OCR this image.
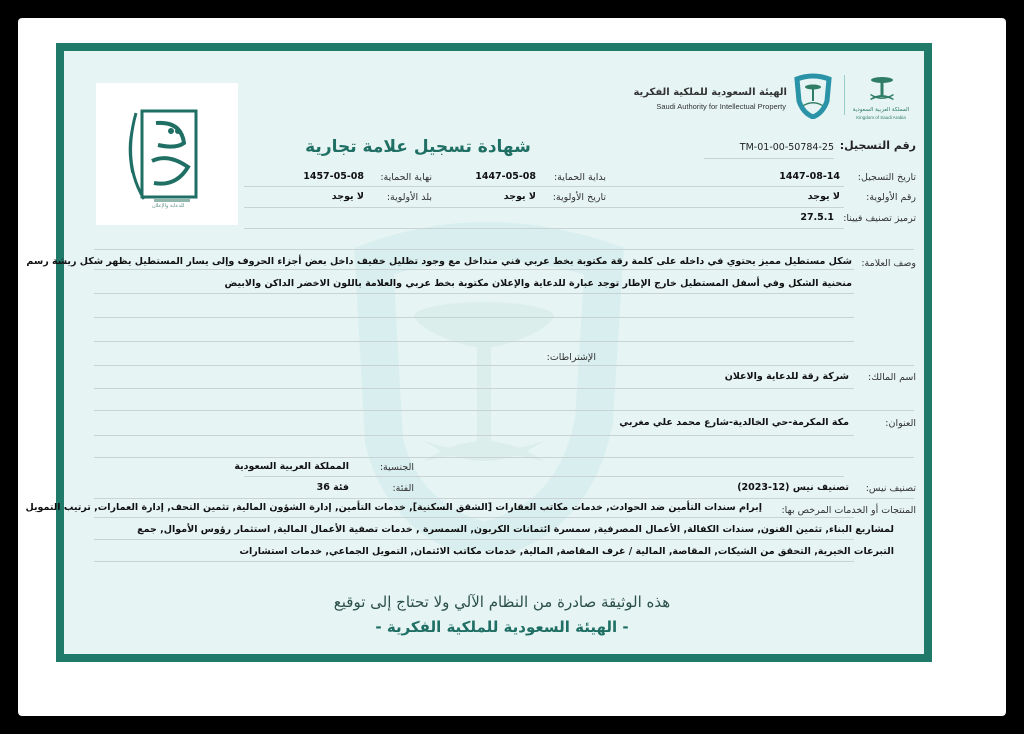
للدعاية والإعلان
المملكة العربية السعودية
Kingdom of Saudi Arabia
الهيئة السعودية للملكية الفكرية
Saudi Authority for Intellectual Property
شهادة تسجيل علامة تجارية	رقم التسجيل:
TM-01-00-50784-25
تاريخ التسجيل:
1447-08-14
بداية الحماية:
1447-05-08
نهاية الحماية:
1457-05-08
رقم الأولوية:
لا يوجد
تاريخ الأولوية:
لا يوجد
بلد الأولوية:
لا يوجد
ترميز تصنيف فيينا:
27.5.1
وصف العلامة:
شكل مستطيل مميز يحتوي في داخله على كلمة رقة مكتوبة بخط عربي فني متداخل مع وجود تظليل خفيف داخل بعض أجزاء الحروف وإلى يسار المستطيل يظهر شكل ريشة رسم
منحنية الشكل وفي أسفل المستطيل خارج الإطار توجد عبارة للدعاية والإعلان مكتوبة بخط عربي والعلامة باللون الاخضر الداكن والابيض
الإشتراطات:
اسم المالك:
شركة رقة للدعاية والاعلان
العنوان:
مكة المكرمة-حي الخالدية-شارع محمد علي مغربي
الجنسية:
المملكة العربية السعودية
تصنيف نيس:
تصنيف نيس (12-2023)
الفئة:
فئة 36
المنتجات أو الخدمات المرخص بها:
إبرام سندات التأمين ضد الحوادث, خدمات مكاتب العقارات [الشقق السكنية], خدمات التأمين, إدارة الشؤون المالية, تثمين التحف, إدارة العمارات, ترتيب التمويل
لمشاريع البناء, تثمين الفنون, سندات الكفالة, الأعمال المصرفية, سمسرة ائتمانات الكربون, السمسرة , خدمات تصفية الأعمال المالية, استثمار رؤوس الأموال, جمع
التبرعات الخيرية, التحقق من الشيكات, المقاصة, المالية / غرف المقاصة, المالية, خدمات مكاتب الائتمان, التمويل الجماعي, خدمات استشارات
هذه الوثيقة صادرة من النظام الآلي ولا تحتاج إلى توقيع
- الهيئة السعودية للملكية الفكرية -
